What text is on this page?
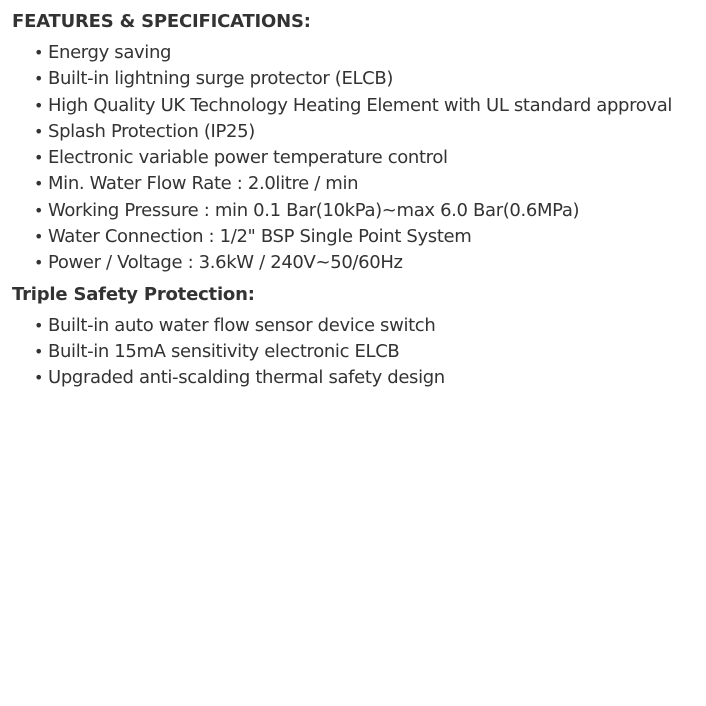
FEATURES & SPECIFICATIONS:
• Energy saving
• Built-in lightning surge protector (ELCB)
• High Quality UK Technology Heating Element with UL standard approval
• Splash Protection (IP25)
• Electronic variable power temperature control
• Min. Water Flow Rate : 2.0litre / min
• Working Pressure : min 0.1 Bar(10kPa)~max 6.0 Bar(0.6MPa)
• Water Connection : 1/2" BSP Single Point System
• Power / Voltage : 3.6kW / 240V~50/60Hz
Triple Safety Protection:
• Built-in auto water flow sensor device switch
• Built-in 15mA sensitivity electronic ELCB
• Upgraded anti-scalding thermal safety design
